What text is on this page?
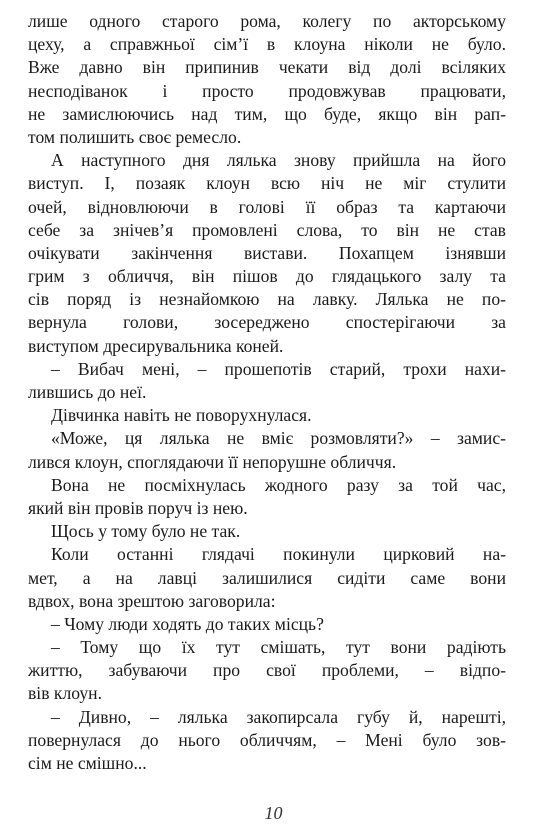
лише одного старого рома, колегу по акторському
цеху, а справжньої сім’ї в клоуна ніколи не було.
Вже давно він припинив чекати від долі всіляких
несподіванок і просто продовжував працювати,
не замислюючись над тим, що буде, якщо він рап-
том полишить своє ремесло.
А наступного дня лялька знову прийшла на його
виступ. І, позаяк клоун всю ніч не міг стулити
очей, відновлюючи в голові її образ та картаючи
себе за знічев’я промовлені слова, то він не став
очікувати закінчення вистави. Похапцем ізнявши
грим з обличчя, він пішов до глядацького залу та
сів поряд із незнайомкою на лавку. Лялька не по-
вернула голови, зосереджено спостерігаючи за
виступом дресирувальника коней.
– Вибач мені, – прошепотів старий, трохи нахи-
лившись до неї.
Дівчинка навіть не поворухнулася.
«Може, ця лялька не вміє розмовляти?» – замис-
лився клоун, споглядаючи її непорушне обличчя.
Вона не посміхнулась жодного разу за той час,
який він провів поруч із нею.
Щось у тому було не так.
Коли останні глядачі покинули цирковий на-
мет, а на лавці залишилися сидіти саме вони
вдвох, вона зрештою заговорила:
– Чому люди ходять до таких місць?
– Тому що їх тут смішать, тут вони радіють
життю, забуваючи про свої проблеми, – відпо-
вів клоун.
– Дивно, – лялька закопирсала губу й, нарешті,
повернулася до нього обличчям, – Мені було зов-
сім не смішно...
10
